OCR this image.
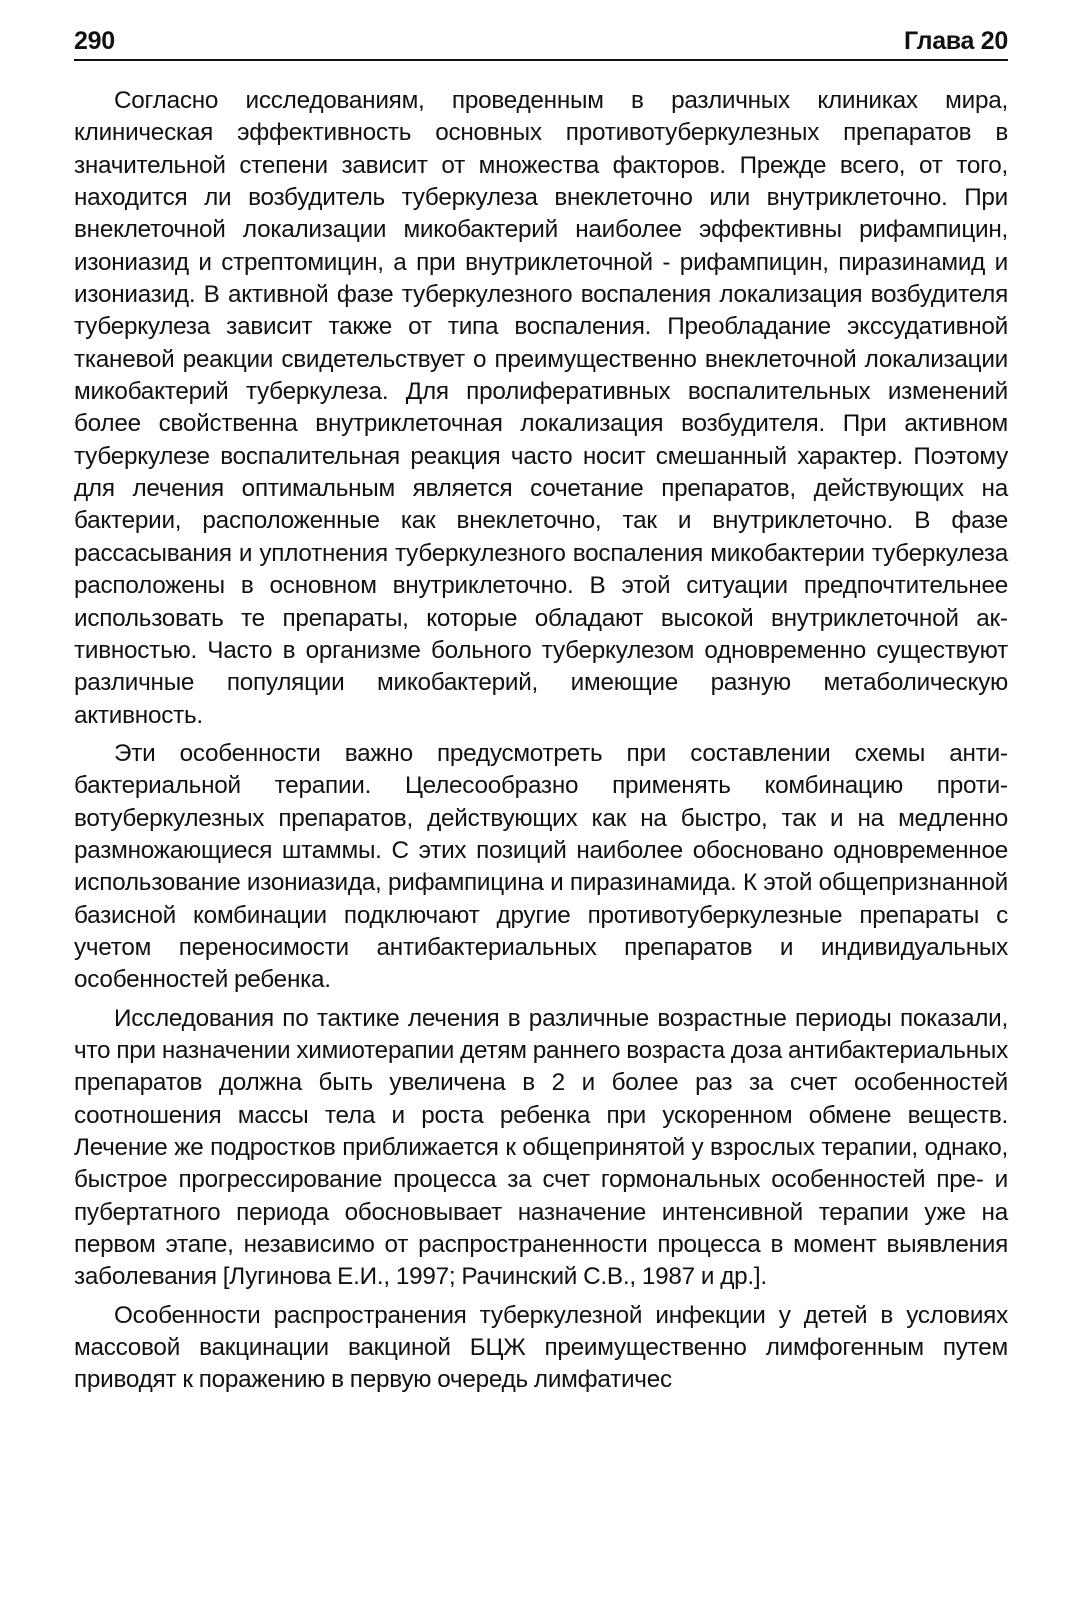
290	Глава 20

Согласно исследованиям, проведенным в различных клиниках мира, клиническая эффективность основных противотуберкулезных препаратов в значительной степени зависит от множества факторов. Прежде всего, от того, находится ли возбудитель туберкулеза внеклеточно или внутриклеточно. При внеклеточной локализации микобактерий наиболее эффективны рифампицин, изониазид и стрептомицин, а при внутриклеточной - рифампицин, пиразинамид и изониазид. В активной фазе туберкулезного воспаления локализация возбудителя туберкулеза зависит также от типа воспаления. Преобладание экссудативной тканевой реакции свидетельствует о преимущественно внеклеточной локализации микобактерий туберкулеза. Для пролиферативных воспалительных изменений более свойственна внутриклеточная локализация возбудителя. При активном туберкулезе воспалительная реакция часто носит смешанный характер. Поэтому для лечения оптимальным является сочетание препаратов, действующих на бактерии, расположенные как внеклеточно, так и внутриклеточно. В фазе рассасывания и уплотнения туберкулезного воспаления микобактерии туберкулеза расположены в основном внутриклеточно. В этой ситуации предпочтительнее использовать те препараты, которые обладают высокой внутриклеточной активностью. Часто в организме больного туберкулезом одновременно существуют различные популяции микобактерий, имеющие разную метаболическую активность.

Эти особенности важно предусмотреть при составлении схемы антибактериальной терапии. Целесообразно применять комбинацию противотуберкулезных препаратов, действующих как на быстро, так и на медленно размножающиеся штаммы. С этих позиций наиболее обосновано одновременное использование изониазида, рифампицина и пиразинамида. К этой общепризнанной базисной комбинации подключают другие противотуберкулезные препараты с учетом переносимости антибактериальных препаратов и индивидуальных особенностей ребенка.

Исследования по тактике лечения в различные возрастные периоды показали, что при назначении химиотерапии детям раннего возраста доза антибактериальных препаратов должна быть увеличена в 2 и более раз за счет особенностей соотношения массы тела и роста ребенка при ускоренном обмене веществ. Лечение же подростков приближается к общепринятой у взрослых терапии, однако, быстрое прогрессирование процесса за счет гормональных особенностей пре- и пубертатного периода обосновывает назначение интенсивной терапии уже на первом этапе, независимо от распространенности процесса в момент выявления заболевания [Лугинова Е.И., 1997; Рачинский С.В., 1987 и др.].

Особенности распространения туберкулезной инфекции у детей в условиях массовой вакцинации вакциной БЦЖ преимущественно лимфогенным путем приводят к поражению в первую очередь лимфатичес
